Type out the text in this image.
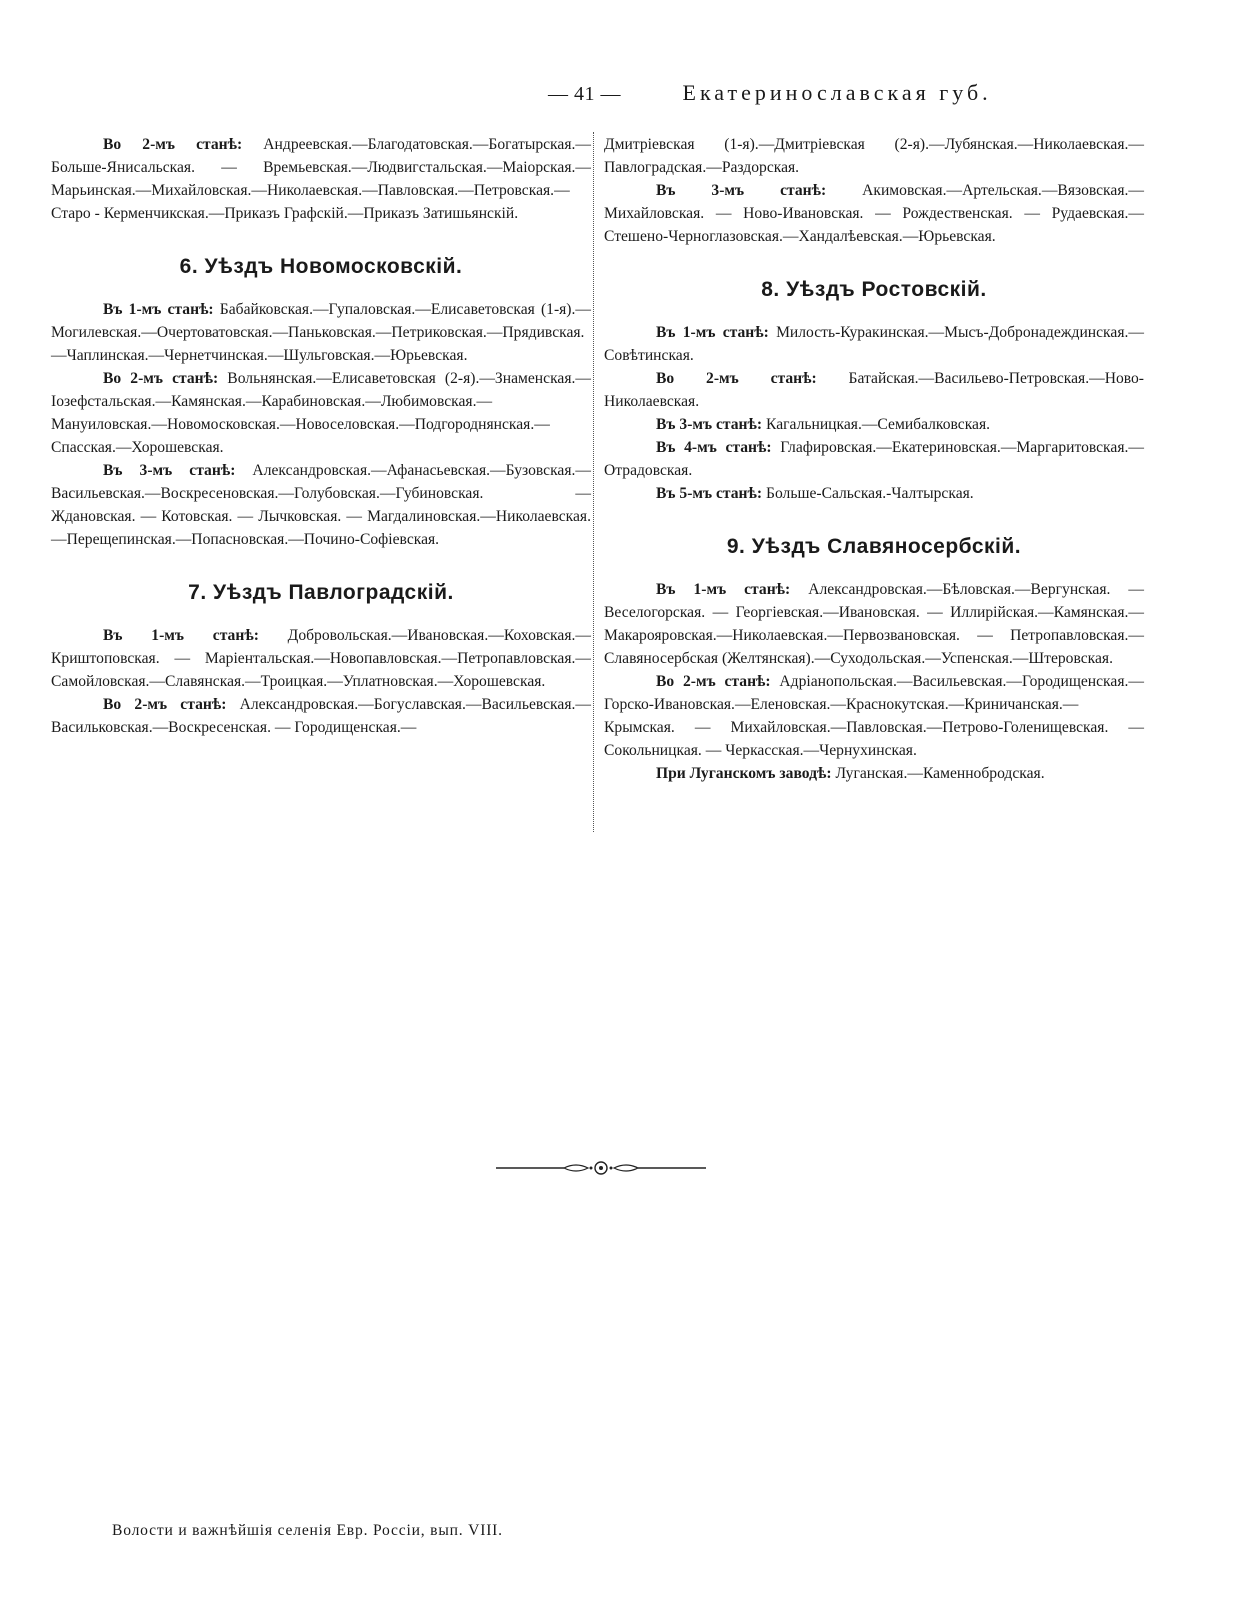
— 41 —	Екатеринославская губ.

Во 2-мъ станѣ: Андреевская.—Благодатовская.—Богатырская.—Больше-Янисальская. — Времьевская.—Людвигстальская.—Маiорская.—Марьинская.—Михайловская.—Николаевская.—Павловская.—Петровская.—Старо - Керменчикская.—Приказъ Графскiй.—Приказъ Затишьянскiй.

6. Уѣздъ Новомосковскiй.

Въ 1-мъ станѣ: Бабайковская.—Гупаловская.—Елисаветовская (1-я).—Могилевская.—Очертоватовская.—Паньковская.—Петриковская.—Прядивская.—Чаплинская.—Чернетчинская.—Шульговская.—Юрьевская.

Во 2-мъ станѣ: Вольнянская.—Елисаветовская (2-я).—Знаменская.—Iозефстальская.—Камянская.—Карабиновская.—Любимовская.—Мануиловская.—Новомосковская.—Новоселовская.—Подгороднянская.—Спасская.—Хорошевская.

Въ 3-мъ станѣ: Александровская.—Афанасьевская.—Бузовская.—Васильевская.—Воскресеновская.—Голубовская.—Губиновская. — Ждановская. — Котовская. — Лычковская. — Магдалиновская.—Николаевская.—Перещепинская.—Попасновская.—Почино-Софiевская.

7. Уѣздъ Павлоградскiй.

Въ 1-мъ станѣ: Добровольская.—Ивановская.—Коховская.—Криштоповская. — Марiентальская.—Новопавловская.—Петропавловская.—Самойловская.—Славянская.—Троицкая.—Уплатновская.—Хорошевская.

Во 2-мъ станѣ: Александровская.—Богуславская.—Васильевская.—Васильковская.—Воскресенская. — Городищенская.—

Дмитрiевская (1-я).—Дмитрiевская (2-я).—Лубянская.—Николаевская.—Павлоградская.—Раздорская.

Въ 3-мъ станѣ: Акимовская.—Артельская.—Вязовская.—Михайловская. — Ново-Ивановская. — Рождественская. — Рудаевская.—Стешено-Черноглазовская.—Хандалѣевская.—Юрьевская.

8. Уѣздъ Ростовскiй.

Въ 1-мъ станѣ: Милость-Куракинская.—Мысъ-Добронадеждинская.—Совѣтинская.

Во 2-мъ станѣ: Батайская.—Васильево-Петровская.—Ново-Николаевская.

Въ 3-мъ станѣ: Кагальницкая.—Семибалковская.

Въ 4-мъ станѣ: Глафировская.—Екатериновская.—Маргаритовская.—Отрадовская.

Въ 5-мъ станѣ: Больше-Сальская.-Чалтырская.

9. Уѣздъ Славяносербскiй.

Въ 1-мъ станѣ: Александровская.—Бѣловская.—Вергунская. — Веселогорская. — Георгiевская.—Ивановская. — Иллирiйская.—Камянская.—Макарояровская.—Николаевская.—Первозвановская. — Петропавловская.—Славяносербская (Желтянская).—Суходольская.—Успенская.—Штеровская.

Во 2-мъ станѣ: Адрiанопольская.—Васильевская.—Городищенская.—Горско-Ивановская.—Еленовская.—Краснокутская.—Криничанская.—Крымская. — Михайловская.—Павловская.—Петрово-Голенищевская. — Сокольницкая. — Черкасская.—Чернухинская.

При Луганскомъ заводѣ: Луганская.—Каменнобродская.

Волости и важнѣйшiя селенiя Евр. Россiи, вып. VIII.
